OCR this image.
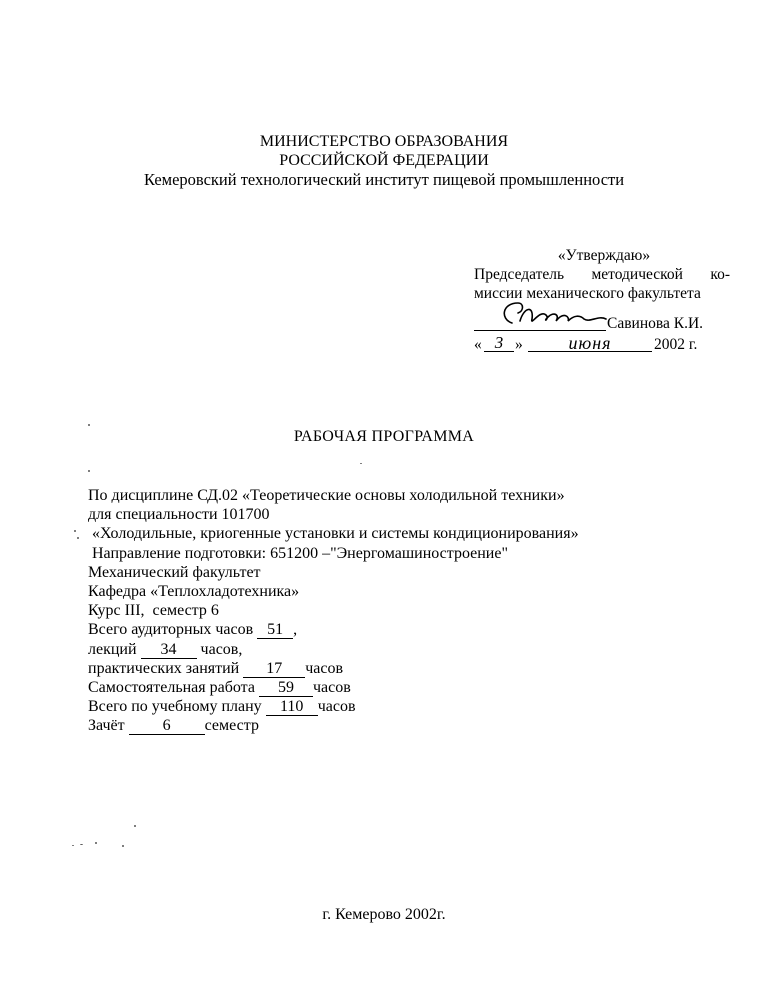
МИНИСТЕРСТВО ОБРАЗОВАНИЯ
РОССИЙСКОЙ ФЕДЕРАЦИИ
Кемеровский технологический институт пищевой промышленности
«Утверждаю»
Председатель методической ко-
миссии механического факультета
Савинова К.И.
« 3 »	июня	2002 г.
РАБОЧАЯ ПРОГРАММА
По дисциплине СД.02 «Теоретические основы холодильной техники»
для специальности 101700
«Холодильные, криогенные установки и системы кондиционирования»
Направление подготовки: 651200 –"Энергомашиностроение"
Механический факультет
Кафедра «Теплохладотехника»
Курс III,  семестр 6
Всего аудиторных часов 51 ,
лекций 34 часов,
практических занятий 17 часов
Самостоятельная работа 59 часов
Всего по учебному плану 110 часов
Зачёт 6 семестр
г. Кемерово 2002г.
